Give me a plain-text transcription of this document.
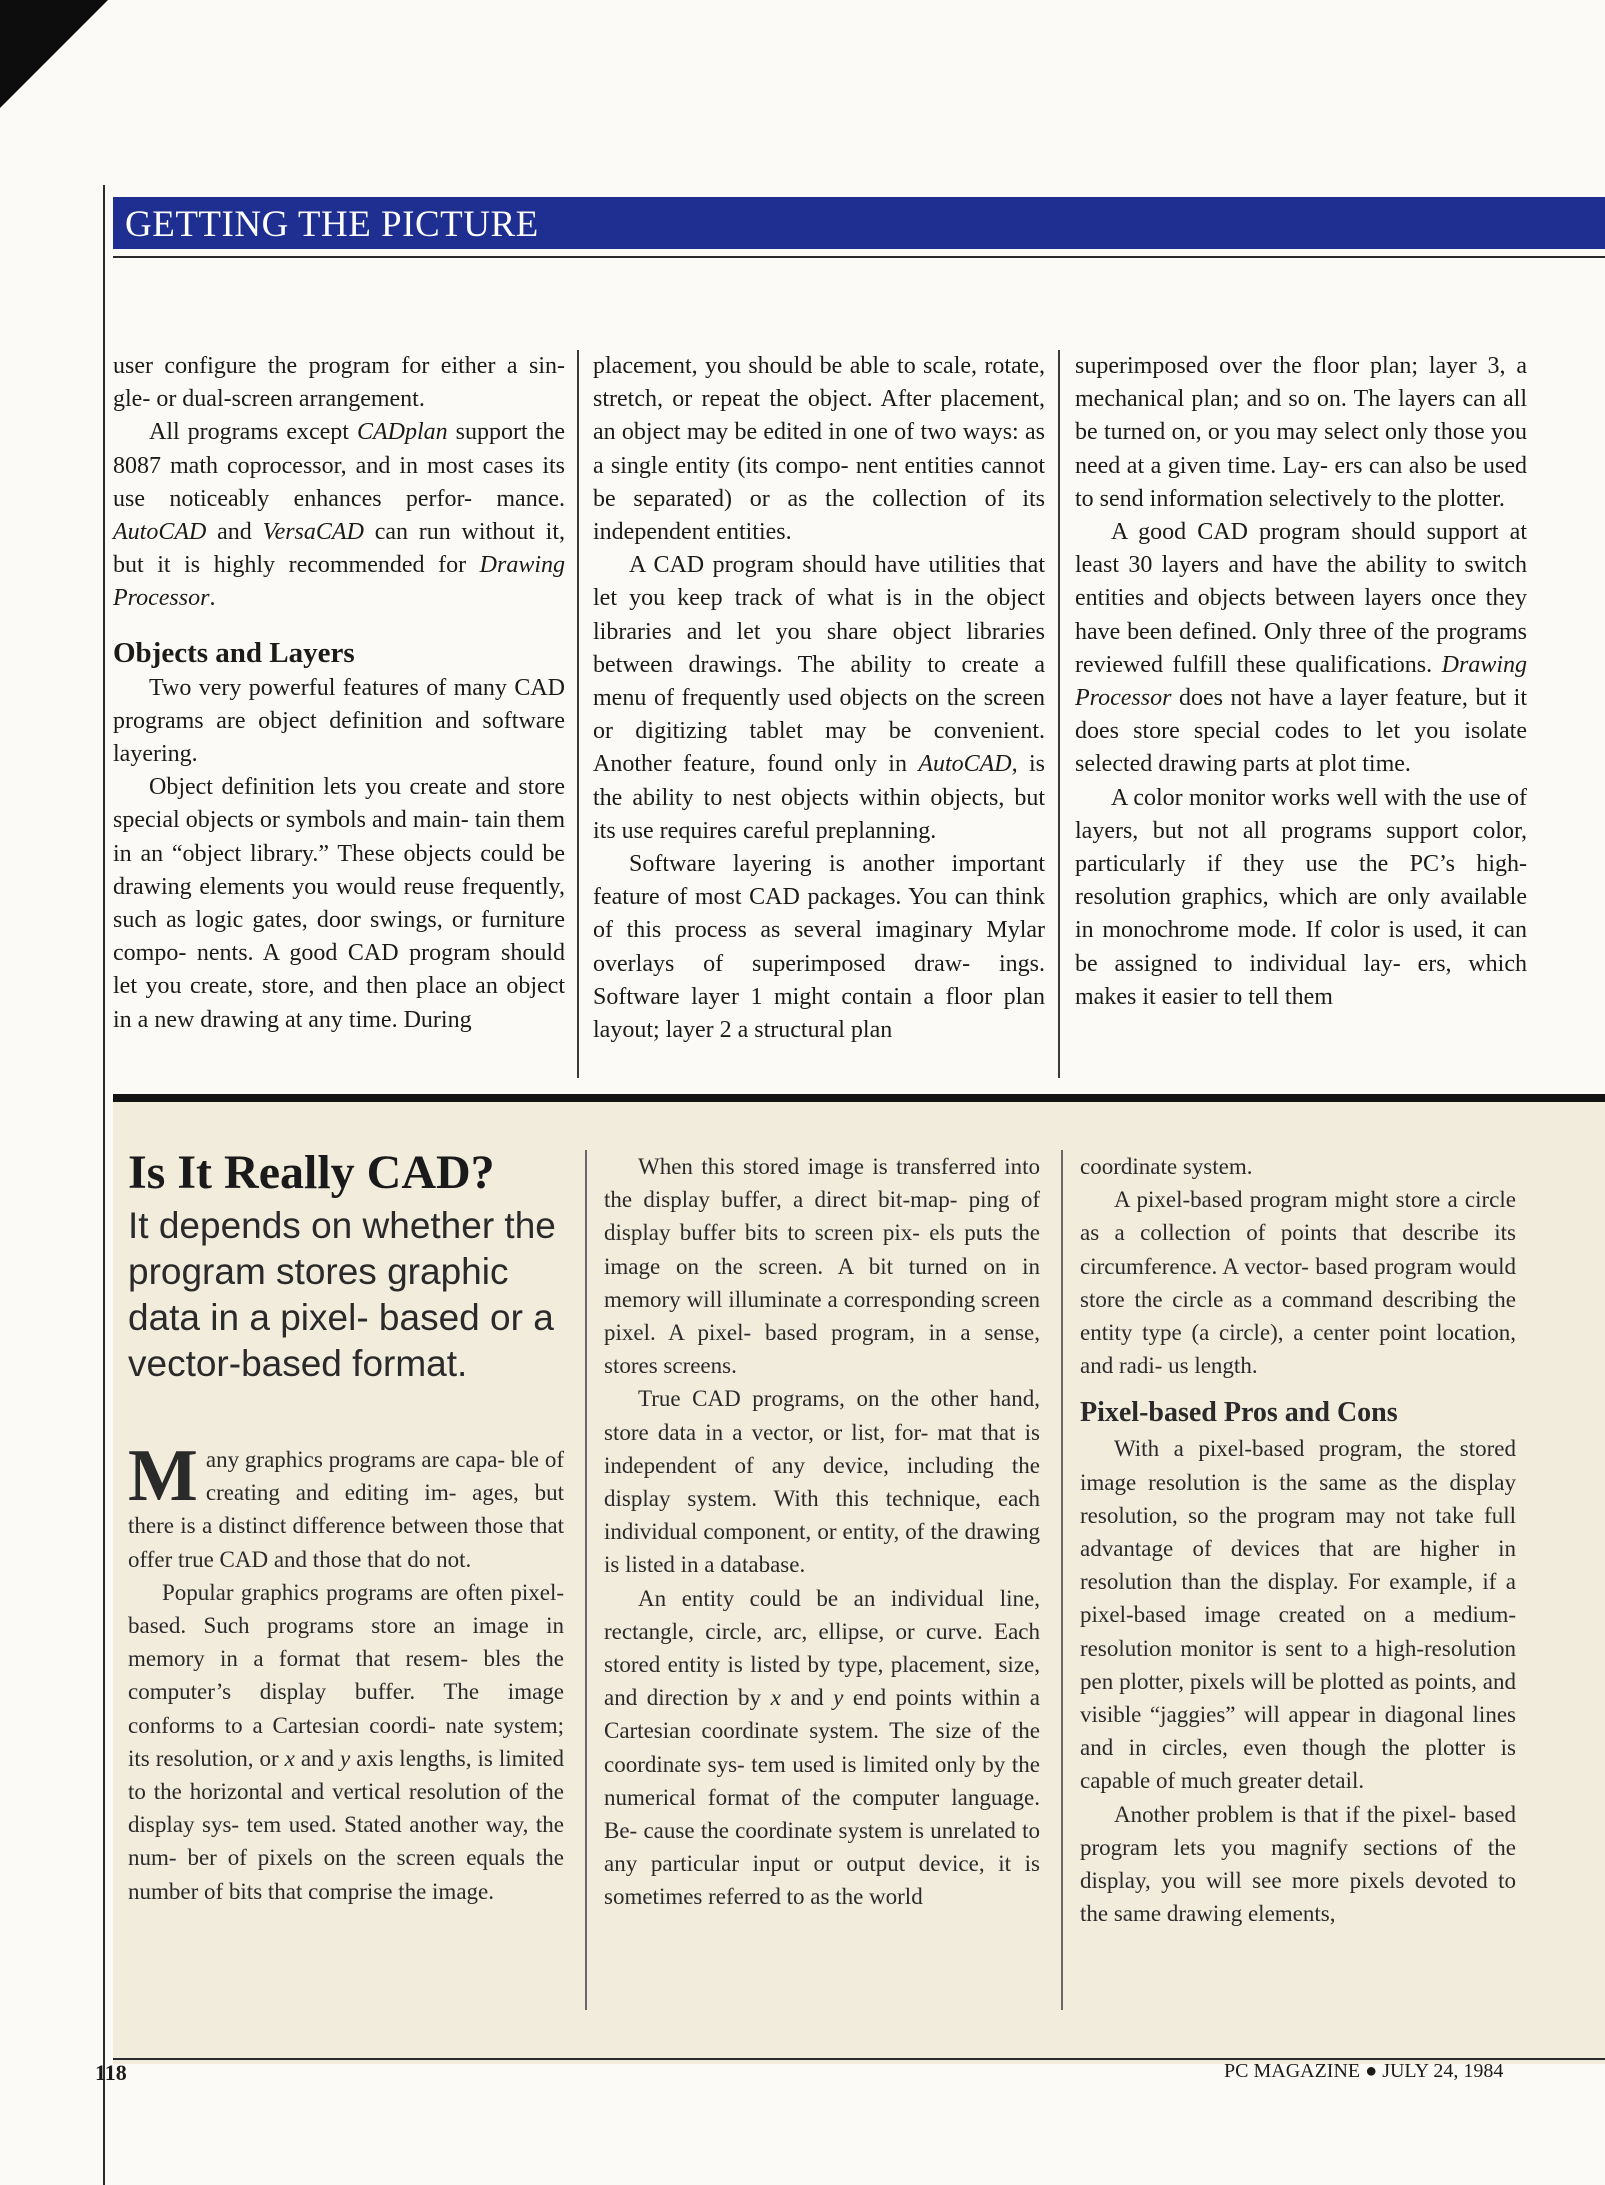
GETTING THE PICTURE

user configure the program for either a sin- gle- or dual-screen arrangement.

All programs except CADplan support the 8087 math coprocessor, and in most cases its use noticeably enhances perfor- mance. AutoCAD and VersaCAD can run without it, but it is highly recommended for Drawing Processor.

Objects and Layers

Two very powerful features of many CAD programs are object definition and software layering.

Object definition lets you create and store special objects or symbols and main- tain them in an “object library.” These objects could be drawing elements you would reuse frequently, such as logic gates, door swings, or furniture compo- nents. A good CAD program should let you create, store, and then place an object in a new drawing at any time. During

placement, you should be able to scale, rotate, stretch, or repeat the object. After placement, an object may be edited in one of two ways: as a single entity (its compo- nent entities cannot be separated) or as the collection of its independent entities.

A CAD program should have utilities that let you keep track of what is in the object libraries and let you share object libraries between drawings. The ability to create a menu of frequently used objects on the screen or digitizing tablet may be convenient. Another feature, found only in AutoCAD, is the ability to nest objects within objects, but its use requires careful preplanning.

Software layering is another important feature of most CAD packages. You can think of this process as several imaginary Mylar overlays of superimposed draw- ings. Software layer 1 might contain a floor plan layout; layer 2 a structural plan

superimposed over the floor plan; layer 3, a mechanical plan; and so on. The layers can all be turned on, or you may select only those you need at a given time. Lay- ers can also be used to send information selectively to the plotter.

A good CAD program should support at least 30 layers and have the ability to switch entities and objects between layers once they have been defined. Only three of the programs reviewed fulfill these qualifications. Drawing Processor does not have a layer feature, but it does store special codes to let you isolate selected drawing parts at plot time.

A color monitor works well with the use of layers, but not all programs support color, particularly if they use the PC’s high-resolution graphics, which are only available in monochrome mode. If color is used, it can be assigned to individual lay- ers, which makes it easier to tell them

Is It Really CAD?

It depends on whether the program stores graphic data in a pixel- based or a vector-based format.

Many graphics programs are capa- ble of creating and editing im- ages, but there is a distinct difference between those that offer true CAD and those that do not.

Popular graphics programs are often pixel-based. Such programs store an image in memory in a format that resem- bles the computer’s display buffer. The image conforms to a Cartesian coordi- nate system; its resolution, or x and y axis lengths, is limited to the horizontal and vertical resolution of the display sys- tem used. Stated another way, the num- ber of pixels on the screen equals the number of bits that comprise the image.

When this stored image is transferred into the display buffer, a direct bit-map- ping of display buffer bits to screen pix- els puts the image on the screen. A bit turned on in memory will illuminate a corresponding screen pixel. A pixel- based program, in a sense, stores screens.

True CAD programs, on the other hand, store data in a vector, or list, for- mat that is independent of any device, including the display system. With this technique, each individual component, or entity, of the drawing is listed in a database.

An entity could be an individual line, rectangle, circle, arc, ellipse, or curve. Each stored entity is listed by type, placement, size, and direction by x and y end points within a Cartesian coordinate system. The size of the coordinate sys- tem used is limited only by the numerical format of the computer language. Be- cause the coordinate system is unrelated to any particular input or output device, it is sometimes referred to as the world

coordinate system.

A pixel-based program might store a circle as a collection of points that describe its circumference. A vector- based program would store the circle as a command describing the entity type (a circle), a center point location, and radi- us length.

Pixel-based Pros and Cons

With a pixel-based program, the stored image resolution is the same as the display resolution, so the program may not take full advantage of devices that are higher in resolution than the display. For example, if a pixel-based image created on a medium-resolution monitor is sent to a high-resolution pen plotter, pixels will be plotted as points, and visible “jaggies” will appear in diagonal lines and in circles, even though the plotter is capable of much greater detail.

Another problem is that if the pixel- based program lets you magnify sections of the display, you will see more pixels devoted to the same drawing elements,

118	PC MAGAZINE ● JULY 24, 1984
